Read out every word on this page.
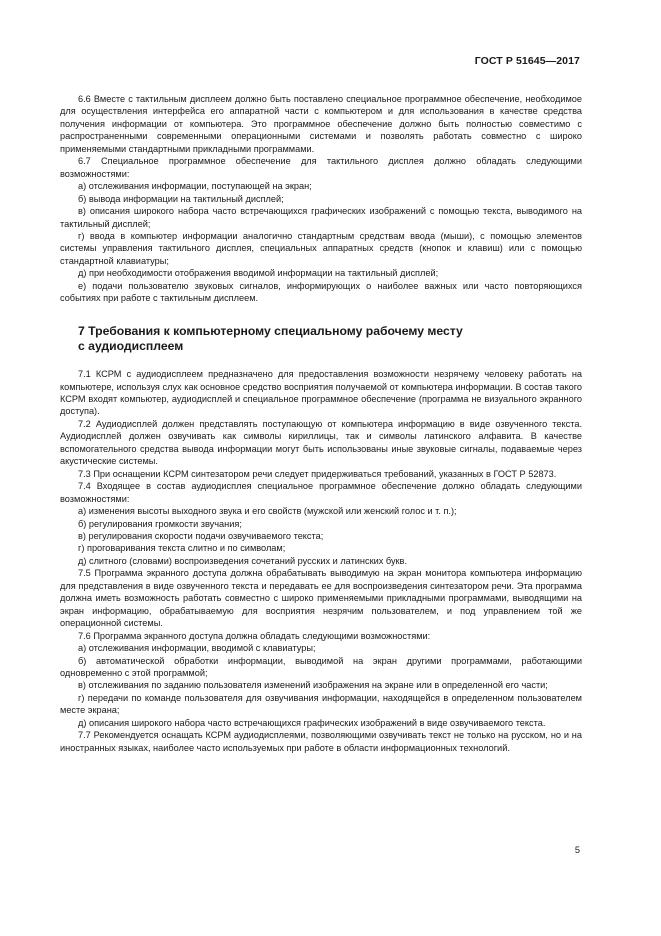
ГОСТ Р 51645—2017
6.6 Вместе с тактильным дисплеем должно быть поставлено специальное программное обеспечение, необходимое для осуществления интерфейса его аппаратной части с компьютером и для использования в качестве средства получения информации от компьютера. Это программное обеспечение должно быть полностью совместимо с распространенными современными операционными системами и позволять работать совместно с широко применяемыми стандартными прикладными программами.
6.7 Специальное программное обеспечение для тактильного дисплея должно обладать следующими возможностями:
а) отслеживания информации, поступающей на экран;
б) вывода информации на тактильный дисплей;
в) описания широкого набора часто встречающихся графических изображений с помощью текста, выводимого на тактильный дисплей;
г) ввода в компьютер информации аналогично стандартным средствам ввода (мыши), с помощью элементов системы управления тактильного дисплея, специальных аппаратных средств (кнопок и клавиш) или с помощью стандартной клавиатуры;
д) при необходимости отображения вводимой информации на тактильный дисплей;
е) подачи пользователю звуковых сигналов, информирующих о наиболее важных или часто повторяющихся событиях при работе с тактильным дисплеем.
7 Требования к компьютерному специальному рабочему месту
с аудиодисплеем
7.1 КСРМ с аудиодисплеем предназначено для предоставления возможности незрячему человеку работать на компьютере, используя слух как основное средство восприятия получаемой от компьютера информации. В состав такого КСРМ входят компьютер, аудиодисплей и специальное программное обеспечение (программа не визуального экранного доступа).
7.2 Аудиодисплей должен представлять поступающую от компьютера информацию в виде озвученного текста. Аудиодисплей должен озвучивать как символы кириллицы, так и символы латинского алфавита. В качестве вспомогательного средства вывода информации могут быть использованы иные звуковые сигналы, подаваемые через акустические системы.
7.3 При оснащении КСРМ синтезатором речи следует придерживаться требований, указанных в ГОСТ Р 52873.
7.4 Входящее в состав аудиодисплея специальное программное обеспечение должно обладать следующими возможностями:
а) изменения высоты выходного звука и его свойств (мужской или женский голос и т. п.);
б) регулирования громкости звучания;
в) регулирования скорости подачи озвучиваемого текста;
г) проговаривания текста слитно и по символам;
д) слитного (словами) воспроизведения сочетаний русских и латинских букв.
7.5 Программа экранного доступа должна обрабатывать выводимую на экран монитора компьютера информацию для представления в виде озвученного текста и передавать ее для воспроизведения синтезатором речи. Эта программа должна иметь возможность работать совместно с широко применяемыми прикладными программами, выводящими на экран информацию, обрабатываемую для восприятия незрячим пользователем, и под управлением той же операционной системы.
7.6 Программа экранного доступа должна обладать следующими возможностями:
а) отслеживания информации, вводимой с клавиатуры;
б) автоматической обработки информации, выводимой на экран другими программами, работающими одновременно с этой программой;
в) отслеживания по заданию пользователя изменений изображения на экране или в определенной его части;
г) передачи по команде пользователя для озвучивания информации, находящейся в определенном пользователем месте экрана;
д) описания широкого набора часто встречающихся графических изображений в виде озвучиваемого текста.
7.7 Рекомендуется оснащать КСРМ аудиодисплеями, позволяющими озвучивать текст не только на русском, но и на иностранных языках, наиболее часто используемых при работе в области информационных технологий.
5
